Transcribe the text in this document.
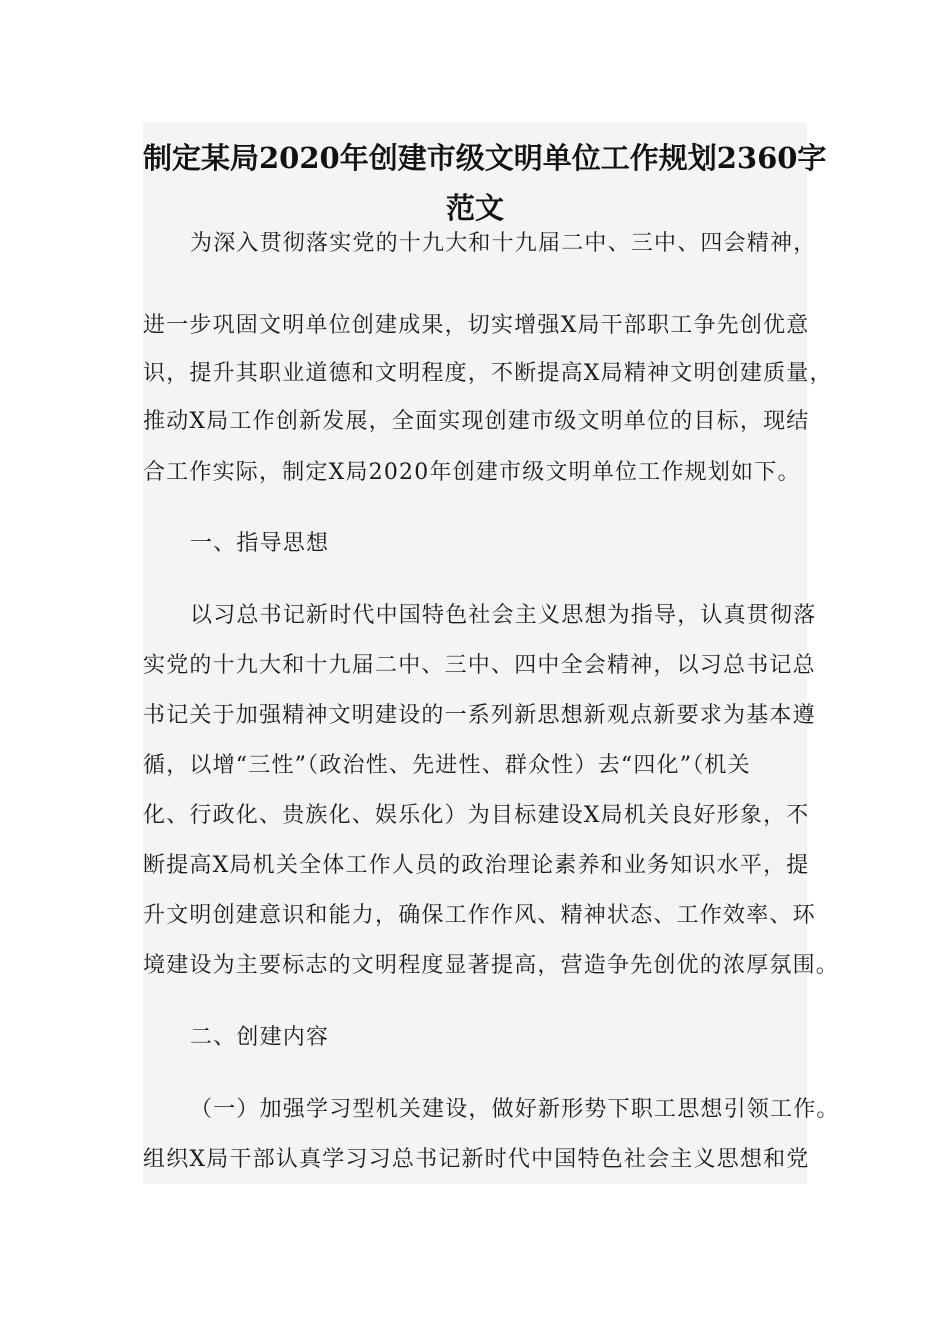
制定某局2020年创建市级文明单位工作规划2360字
范文

为深入贯彻落实党的十九大和十九届二中、三中、四会精神，

进一步巩固文明单位创建成果，切实增强X局干部职工争先创优意

识，提升其职业道德和文明程度，不断提高X局精神文明创建质量，

推动X局工作创新发展，全面实现创建市级文明单位的目标，现结

合工作实际，制定X局2020年创建市级文明单位工作规划如下。

一、指导思想

以习总书记新时代中国特色社会主义思想为指导，认真贯彻落

实党的十九大和十九届二中、三中、四中全会精神，以习总书记总

书记关于加强精神文明建设的一系列新思想新观点新要求为基本遵

循，以增“三性”（政治性、先进性、群众性）去“四化”（机关

化、行政化、贵族化、娱乐化）为目标建设X局机关良好形象，不

断提高X局机关全体工作人员的政治理论素养和业务知识水平，提

升文明创建意识和能力，确保工作作风、精神状态、工作效率、环

境建设为主要标志的文明程度显著提高，营造争先创优的浓厚氛围。

二、创建内容

（一）加强学习型机关建设，做好新形势下职工思想引领工作。

组织X局干部认真学习习总书记新时代中国特色社会主义思想和党
